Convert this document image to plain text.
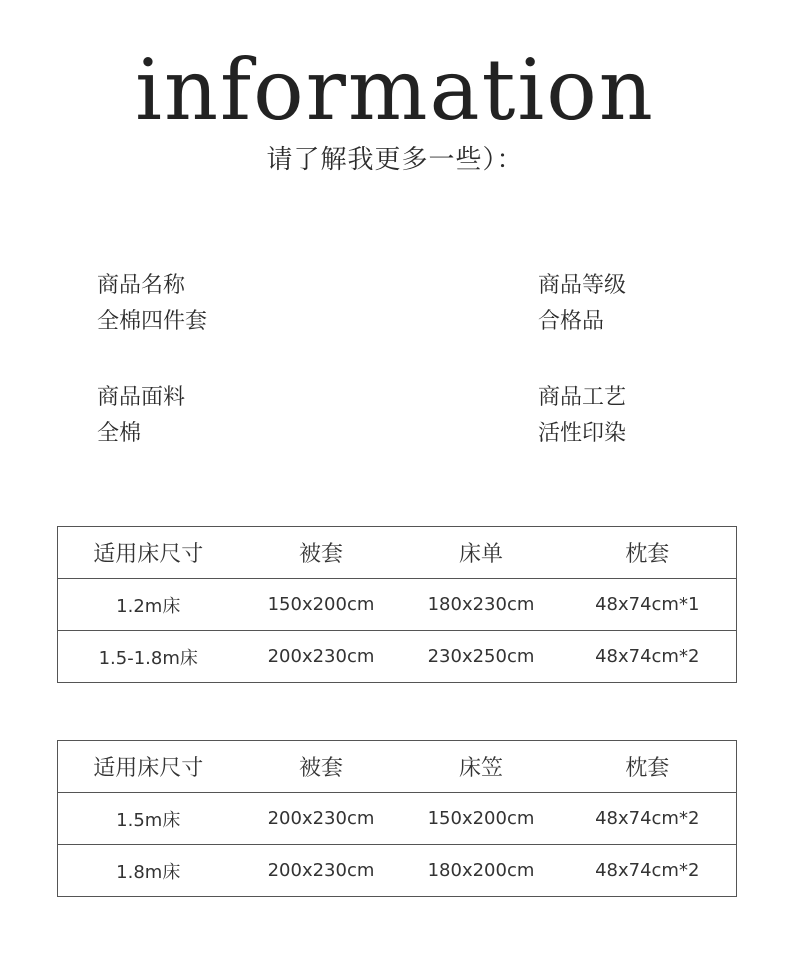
information
请了解我更多一些）：
商品名称
全棉四件套
商品等级
合格品
商品面料
全棉
商品工艺
活性印染
适用床尺寸	被套	床单	枕套
1.2m床	150x200cm	180x230cm	48x74cm*1
1.5-1.8m床	200x230cm	230x250cm	48x74cm*2
适用床尺寸	被套	床笠	枕套
1.5m床	200x230cm	150x200cm	48x74cm*2
1.8m床	200x230cm	180x200cm	48x74cm*2
